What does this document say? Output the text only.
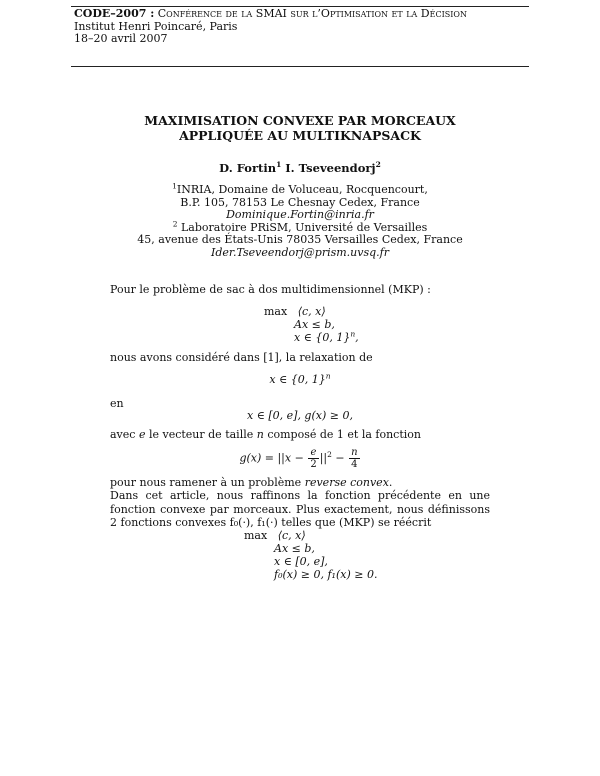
CODE–2007 : Conférence de la SMAI sur l’Optimisation et la Décision
Institut Henri Poincaré, Paris
18–20 avril 2007
MAXIMISATION CONVEXE PAR MORCEAUX
APPLIQUÉE AU MULTIKNAPSACK
D. Fortin$^1$ I. Tseveendorj$^2$
$^1$INRIA, Domaine de Voluceau, Rocquencourt,
B.P. 105, 78153 Le Chesnay Cedex, France
Dominique.Fortin@inria.fr
$^2$ Laboratoire PRiSM, Université de Versailles
45, avenue des États-Unis 78035 Versailles Cedex, France
Ider.Tseveendorj@prism.uvsq.fr
Pour le problème de sac à dos multidimensionnel (MKP) :
max ⟨c, x⟩
Ax ≤ b,
x ∈ {0, 1}$^n$,
nous avons considéré dans [1], la relaxation de
x ∈ {0, 1}$^n$
en
x ∈ [0, e], g(x) ≥ 0,
avec e le vecteur de taille n composé de 1 et la fonction
$g(x) = ||x - \frac{e}{2} ||^2 - \frac{n}{4}$
pour nous ramener à un problème reverse convex.
Dans cet article, nous raffinons la fonction précédente en une fonction convexe par morceaux. Plus exactement, nous définissons 2 fonctions convexes f₀(·), f₁(·) telles que (MKP) se réécrit
max ⟨c, x⟩
Ax ≤ b,
x ∈ [0, e],
f₀(x) ≥ 0, f₁(x) ≥ 0.
